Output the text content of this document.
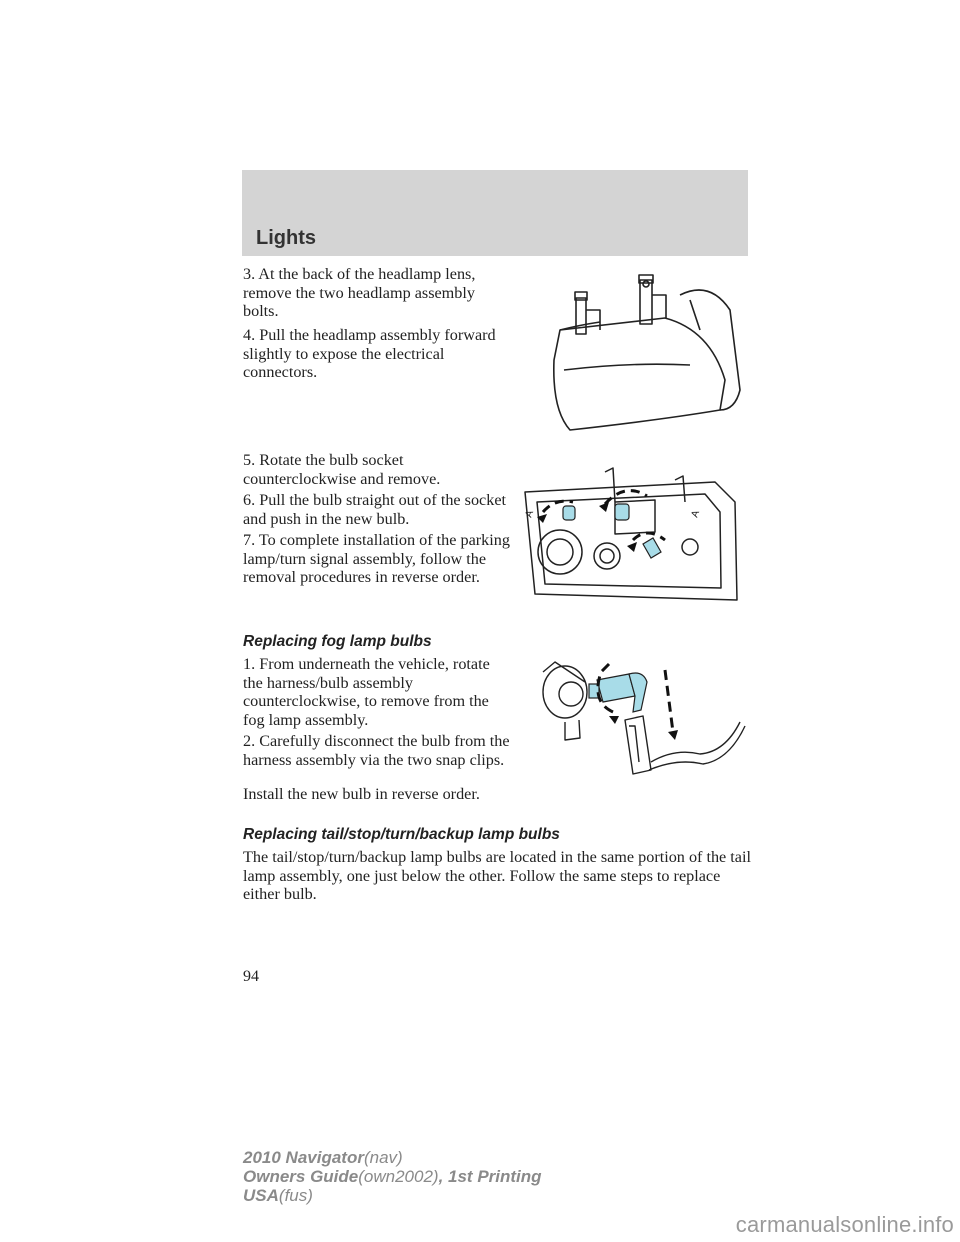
Lights

3. At the back of the headlamp lens, remove the two headlamp assembly bolts.

4. Pull the headlamp assembly forward slightly to expose the electrical connectors.

5. Rotate the bulb socket counterclockwise and remove.

6. Pull the bulb straight out of the socket and push in the new bulb.

7. To complete installation of the parking lamp/turn signal assembly, follow the removal procedures in reverse order.

Replacing fog lamp bulbs

1. From underneath the vehicle, rotate the harness/bulb assembly counterclockwise, to remove from the fog lamp assembly.

2. Carefully disconnect the bulb from the harness assembly via the two snap clips.

Install the new bulb in reverse order.

Replacing tail/stop/turn/backup lamp bulbs

The tail/stop/turn/backup lamp bulbs are located in the same portion of the tail lamp assembly, one just below the other. Follow the same steps to replace either bulb.

94
2010 Navigator(nav)
Owners Guide(own2002), 1st Printing
USA(fus)
A	A
carmanualsonline.info
